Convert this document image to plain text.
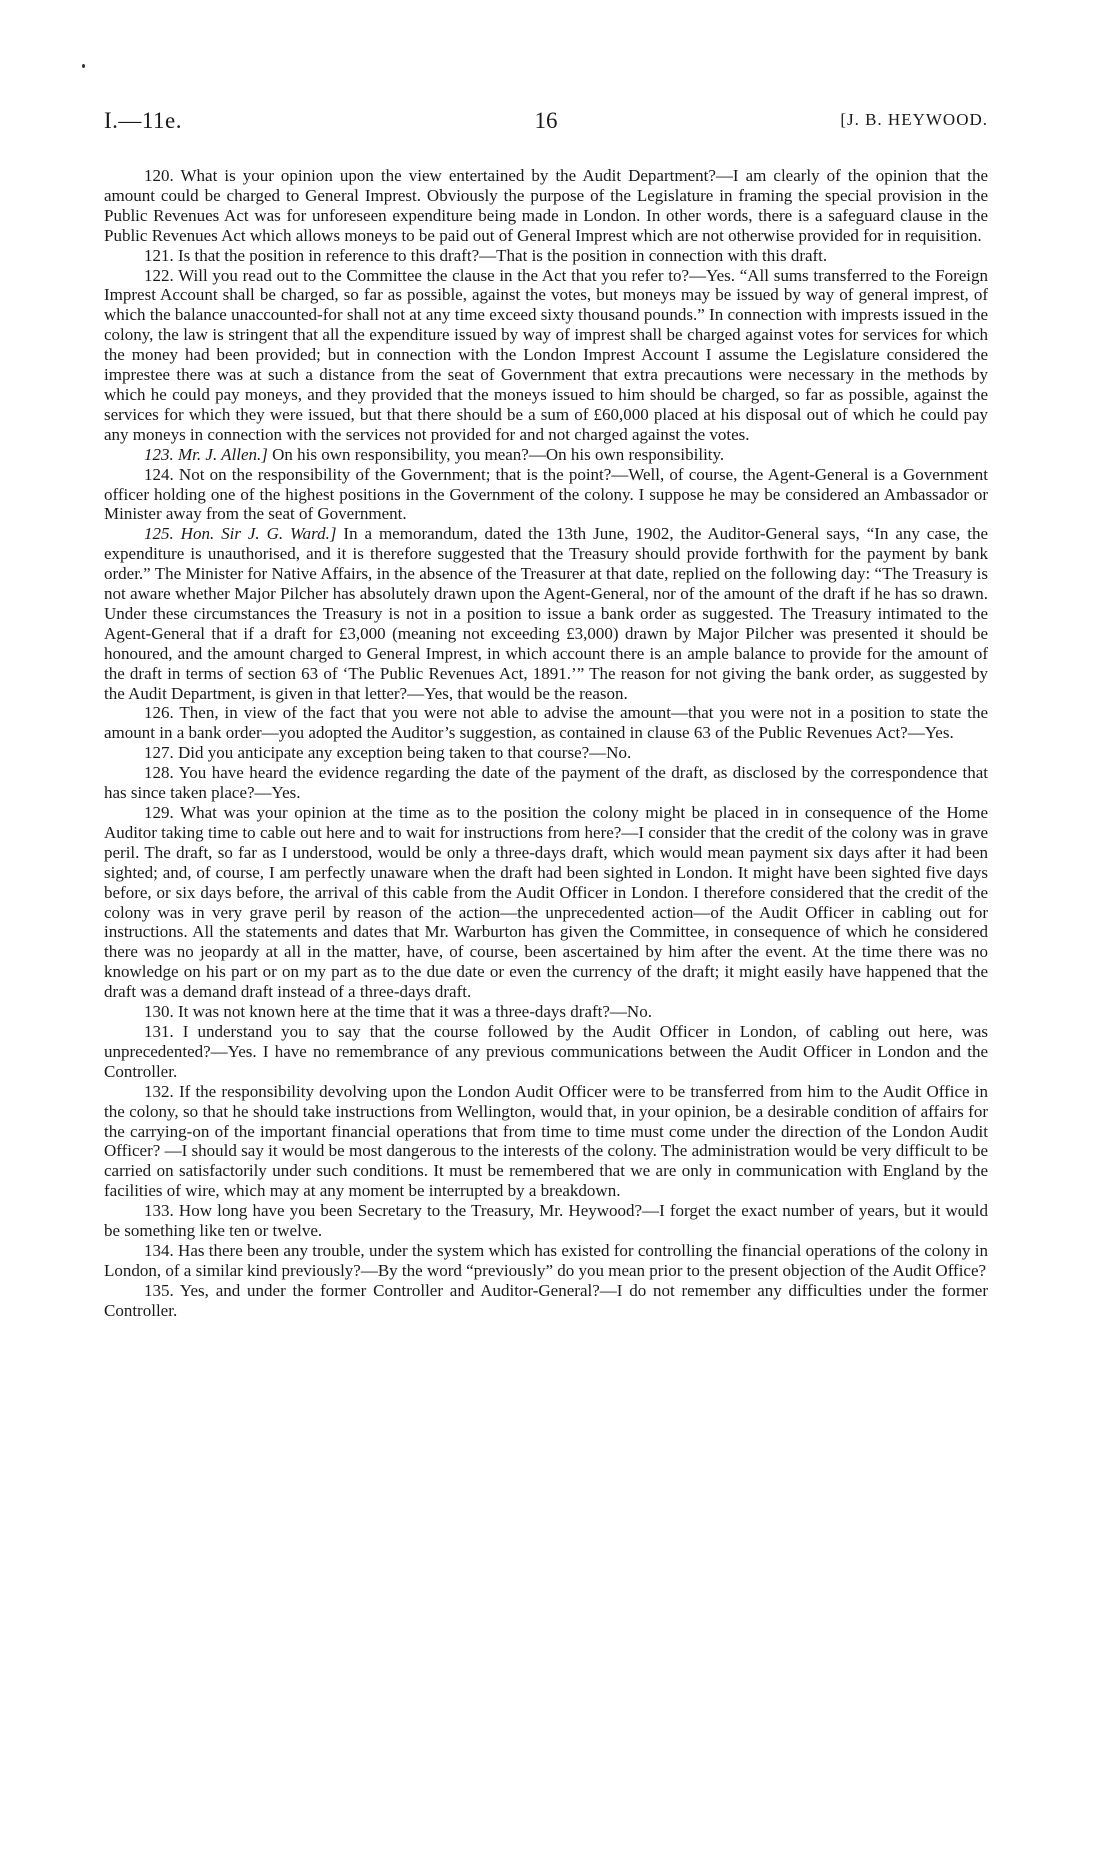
I.—11e.	16	[J. B. HEYWOOD.

120. What is your opinion upon the view entertained by the Audit Department?—I am clearly of the opinion that the amount could be charged to General Imprest. Obviously the purpose of the Legislature in framing the special provision in the Public Revenues Act was for unforeseen expenditure being made in London. In other words, there is a safeguard clause in the Public Revenues Act which allows moneys to be paid out of General Imprest which are not otherwise provided for in requisition.

121. Is that the position in reference to this draft?—That is the position in connection with this draft.

122. Will you read out to the Committee the clause in the Act that you refer to?—Yes. “All sums transferred to the Foreign Imprest Account shall be charged, so far as possible, against the votes, but moneys may be issued by way of general imprest, of which the balance unaccounted-for shall not at any time exceed sixty thousand pounds.” In connection with imprests issued in the colony, the law is stringent that all the expenditure issued by way of imprest shall be charged against votes for services for which the money had been provided; but in connection with the London Imprest Account I assume the Legislature considered the imprestee there was at such a distance from the seat of Government that extra precautions were necessary in the methods by which he could pay moneys, and they provided that the moneys issued to him should be charged, so far as possible, against the services for which they were issued, but that there should be a sum of £60,000 placed at his disposal out of which he could pay any moneys in connection with the services not provided for and not charged against the votes.

123. Mr. J. Allen.] On his own responsibility, you mean?—On his own responsibility.

124. Not on the responsibility of the Government; that is the point?—Well, of course, the Agent-General is a Government officer holding one of the highest positions in the Government of the colony. I suppose he may be considered an Ambassador or Minister away from the seat of Government.

125. Hon. Sir J. G. Ward.] In a memorandum, dated the 13th June, 1902, the Auditor-General says, “In any case, the expenditure is unauthorised, and it is therefore suggested that the Treasury should provide forthwith for the payment by bank order.” The Minister for Native Affairs, in the absence of the Treasurer at that date, replied on the following day: “The Treasury is not aware whether Major Pilcher has absolutely drawn upon the Agent-General, nor of the amount of the draft if he has so drawn. Under these circumstances the Treasury is not in a position to issue a bank order as suggested. The Treasury intimated to the Agent-General that if a draft for £3,000 (meaning not exceeding £3,000) drawn by Major Pilcher was presented it should be honoured, and the amount charged to General Imprest, in which account there is an ample balance to provide for the amount of the draft in terms of section 63 of ‘The Public Revenues Act, 1891.’” The reason for not giving the bank order, as suggested by the Audit Department, is given in that letter?—Yes, that would be the reason.

126. Then, in view of the fact that you were not able to advise the amount—that you were not in a position to state the amount in a bank order—you adopted the Auditor’s suggestion, as contained in clause 63 of the Public Revenues Act?—Yes.

127. Did you anticipate any exception being taken to that course?—No.

128. You have heard the evidence regarding the date of the payment of the draft, as disclosed by the correspondence that has since taken place?—Yes.

129. What was your opinion at the time as to the position the colony might be placed in in consequence of the Home Auditor taking time to cable out here and to wait for instructions from here?—I consider that the credit of the colony was in grave peril. The draft, so far as I understood, would be only a three-days draft, which would mean payment six days after it had been sighted; and, of course, I am perfectly unaware when the draft had been sighted in London. It might have been sighted five days before, or six days before, the arrival of this cable from the Audit Officer in London. I therefore considered that the credit of the colony was in very grave peril by reason of the action—the unprecedented action—of the Audit Officer in cabling out for instructions. All the statements and dates that Mr. Warburton has given the Committee, in consequence of which he considered there was no jeopardy at all in the matter, have, of course, been ascertained by him after the event. At the time there was no knowledge on his part or on my part as to the due date or even the currency of the draft; it might easily have happened that the draft was a demand draft instead of a three-days draft.

130. It was not known here at the time that it was a three-days draft?—No.

131. I understand you to say that the course followed by the Audit Officer in London, of cabling out here, was unprecedented?—Yes. I have no remembrance of any previous communications between the Audit Officer in London and the Controller.

132. If the responsibility devolving upon the London Audit Officer were to be transferred from him to the Audit Office in the colony, so that he should take instructions from Wellington, would that, in your opinion, be a desirable condition of affairs for the carrying-on of the important financial operations that from time to time must come under the direction of the London Audit Officer? —I should say it would be most dangerous to the interests of the colony. The administration would be very difficult to be carried on satisfactorily under such conditions. It must be remembered that we are only in communication with England by the facilities of wire, which may at any moment be interrupted by a breakdown.

133. How long have you been Secretary to the Treasury, Mr. Heywood?—I forget the exact number of years, but it would be something like ten or twelve.

134. Has there been any trouble, under the system which has existed for controlling the financial operations of the colony in London, of a similar kind previously?—By the word “previously” do you mean prior to the present objection of the Audit Office?

135. Yes, and under the former Controller and Auditor-General?—I do not remember any difficulties under the former Controller.
